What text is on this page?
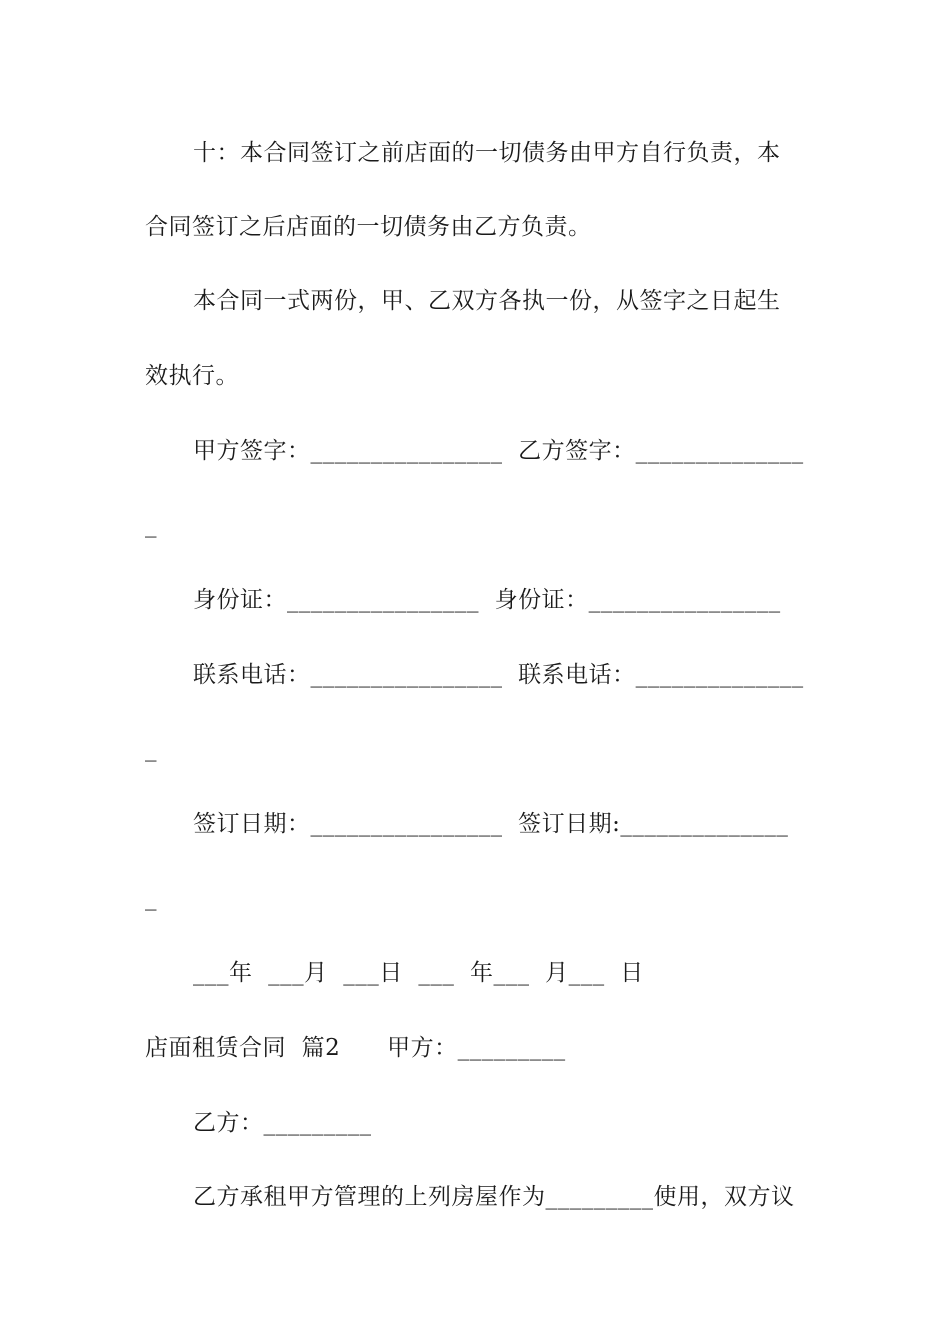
十：本合同签订之前店面的一切债务由甲方自行负责，本
合同签订之后店面的一切债务由乙方负责。
本合同一式两份，甲、乙双方各执一份，从签字之日起生
效执行。
甲方签字：________________  乙方签字：______________
_
身份证：________________  身份证：________________
联系电话：________________  联系电话：______________
_
签订日期：________________  签订日期:______________
_
___年  ___月  ___日  ___  年___  月___  日
店面租赁合同  篇2      甲方：_________
乙方：_________
乙方承租甲方管理的上列房屋作为_________使用，双方议
